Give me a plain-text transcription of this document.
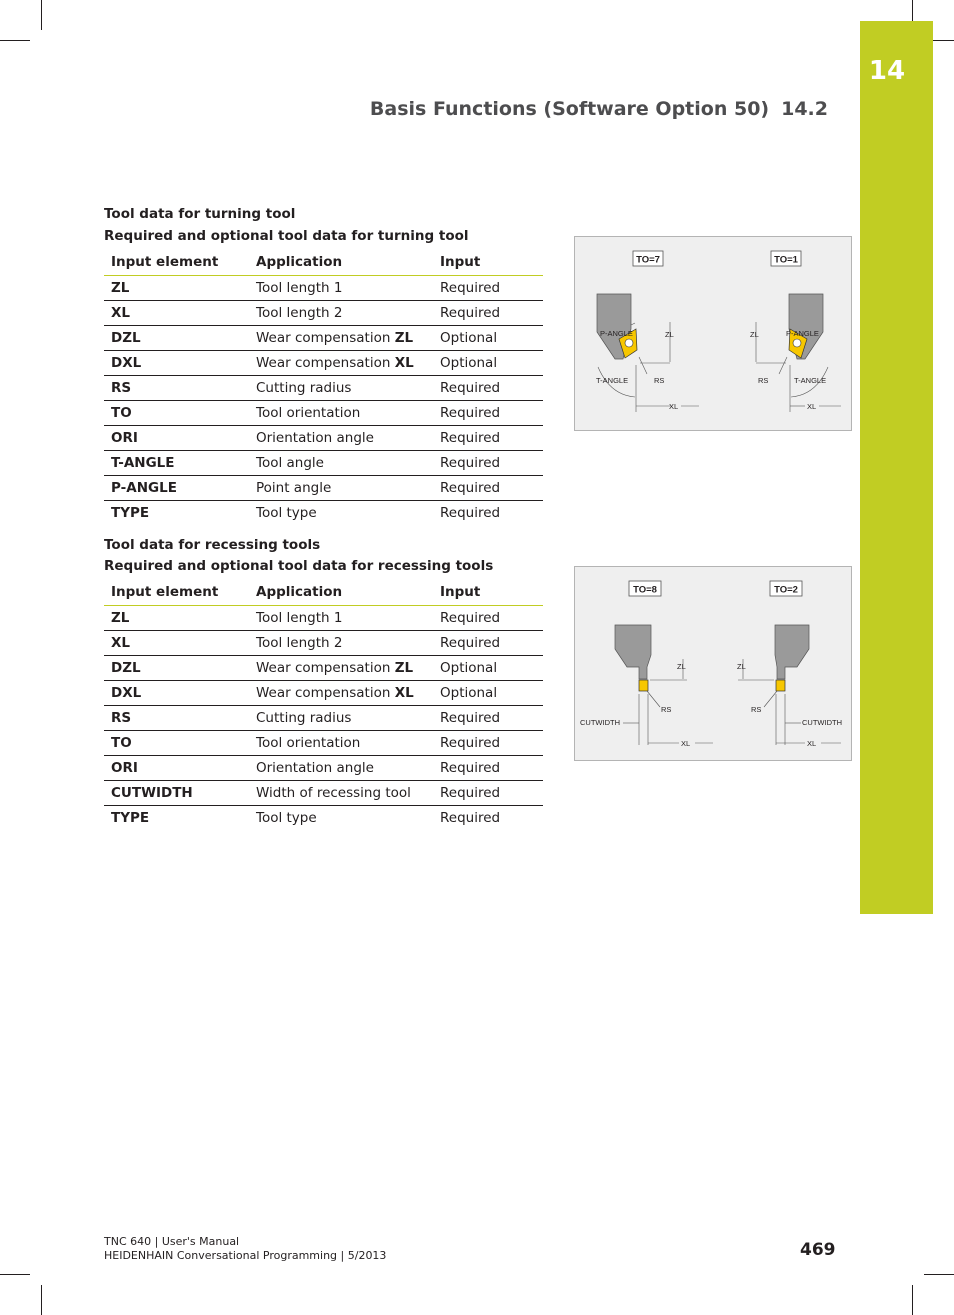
14
Basis Functions (Software Option 50) 14.2
Tool data for turning tool
Required and optional tool data for turning tool
Input element	Application	Input
ZL	Tool length 1	Required
XL	Tool length 2	Required
DZL	Wear compensation ZL	Optional
DXL	Wear compensation XL	Optional
RS	Cutting radius	Required
TO	Tool orientation	Required
ORI	Orientation angle	Required
T-ANGLE	Tool angle	Required
P-ANGLE	Point angle	Required
TYPE	Tool type	Required
TO=7	TO=1
P-ANGLE	ZL
T-ANGLE	RS
XL
P-ANGLE
ZL
T-ANGLE
RS
XL
Tool data for recessing tools
Required and optional tool data for recessing tools
Input element	Application	Input
ZL	Tool length 1	Required
XL	Tool length 2	Required
DZL	Wear compensation ZL	Optional
DXL	Wear compensation XL	Optional
RS	Cutting radius	Required
TO	Tool orientation	Required
ORI	Orientation angle	Required
CUTWIDTH	Width of recessing tool	Required
TYPE	Tool type	Required
TO=8	TO=2
ZL
RS
CUTWIDTH
XL
ZL
RS
CUTWIDTH
XL
TNC 640 | User's Manual
HEIDENHAIN Conversational Programming | 5/2013	469
